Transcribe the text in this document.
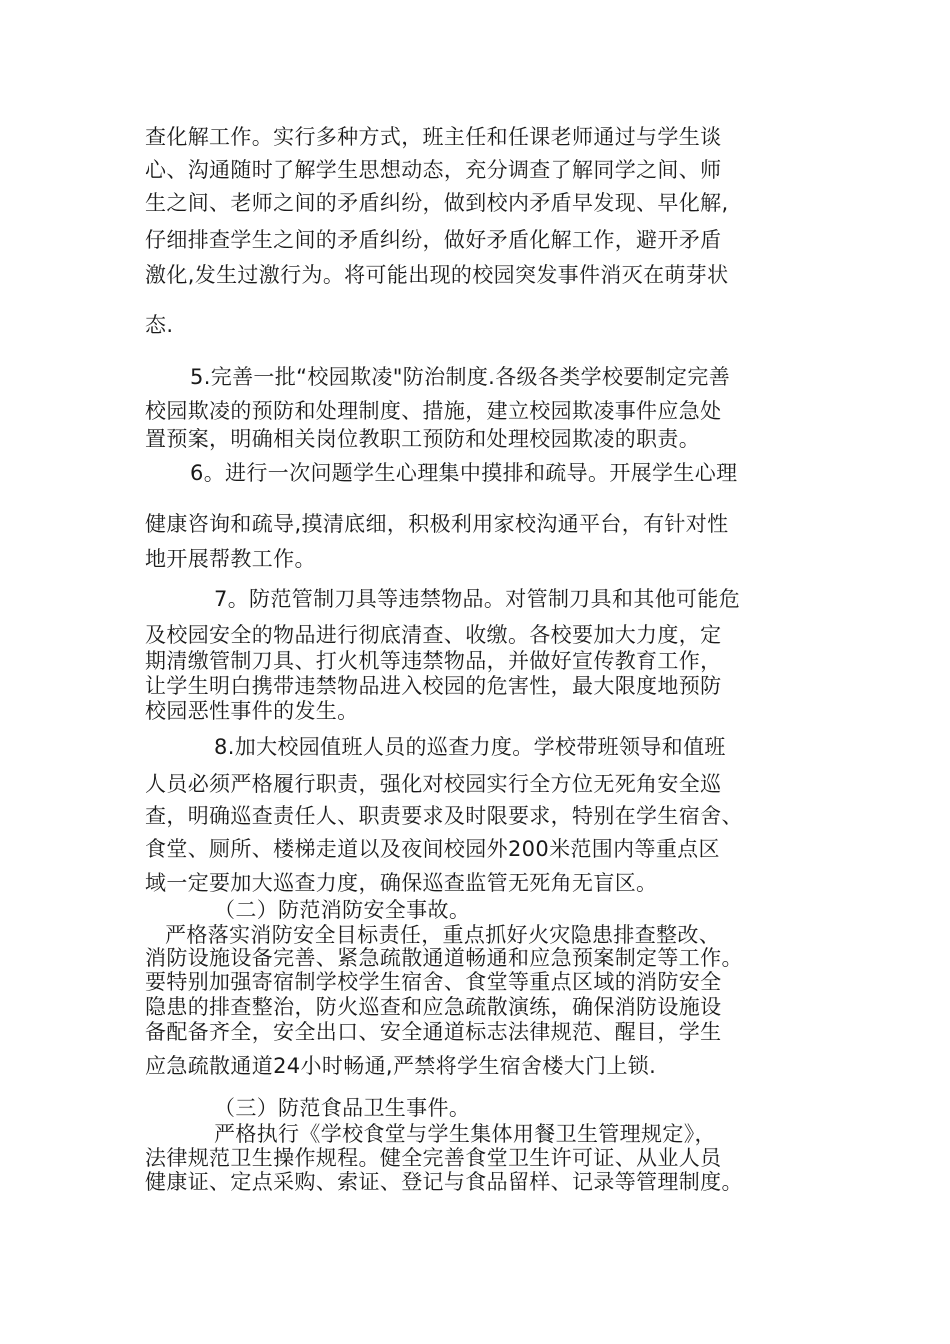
查化解工作。实行多种方式，班主任和任课老师通过与学生谈
心、沟通随时了解学生思想动态，充分调查了解同学之间、师
生之间、老师之间的矛盾纠纷，做到校内矛盾早发现、早化解,
仔细排查学生之间的矛盾纠纷，做好矛盾化解工作，避开矛盾
激化,发生过激行为。将可能出现的校园突发事件消灭在萌芽状
态.
5.完善一批“校园欺凌"防治制度.各级各类学校要制定完善
校园欺凌的预防和处理制度、措施，建立校园欺凌事件应急处
置预案，明确相关岗位教职工预防和处理校园欺凌的职责。
6。进行一次问题学生心理集中摸排和疏导。开展学生心理
健康咨询和疏导,摸清底细，积极利用家校沟通平台，有针对性
地开展帮教工作。
7。防范管制刀具等违禁物品。对管制刀具和其他可能危
及校园安全的物品进行彻底清查、收缴。各校要加大力度，定
期清缴管制刀具、打火机等违禁物品，并做好宣传教育工作，
让学生明白携带违禁物品进入校园的危害性，最大限度地预防
校园恶性事件的发生。
8.加大校园值班人员的巡查力度。学校带班领导和值班
人员必须严格履行职责，强化对校园实行全方位无死角安全巡
查，明确巡查责任人、职责要求及时限要求，特别在学生宿舍、
食堂、厕所、楼梯走道以及夜间校园外200米范围内等重点区
域一定要加大巡查力度，确保巡查监管无死角无盲区。
（二）防范消防安全事故。
严格落实消防安全目标责任，重点抓好火灾隐患排查整改、
消防设施设备完善、紧急疏散通道畅通和应急预案制定等工作。
要特别加强寄宿制学校学生宿舍、食堂等重点区域的消防安全
隐患的排查整治，防火巡查和应急疏散演练，确保消防设施设
备配备齐全，安全出口、安全通道标志法律规范、醒目，学生
应急疏散通道24小时畅通,严禁将学生宿舍楼大门上锁.
（三）防范食品卫生事件。
严格执行《学校食堂与学生集体用餐卫生管理规定》，
法律规范卫生操作规程。健全完善食堂卫生许可证、从业人员
健康证、定点采购、索证、登记与食品留样、记录等管理制度。
